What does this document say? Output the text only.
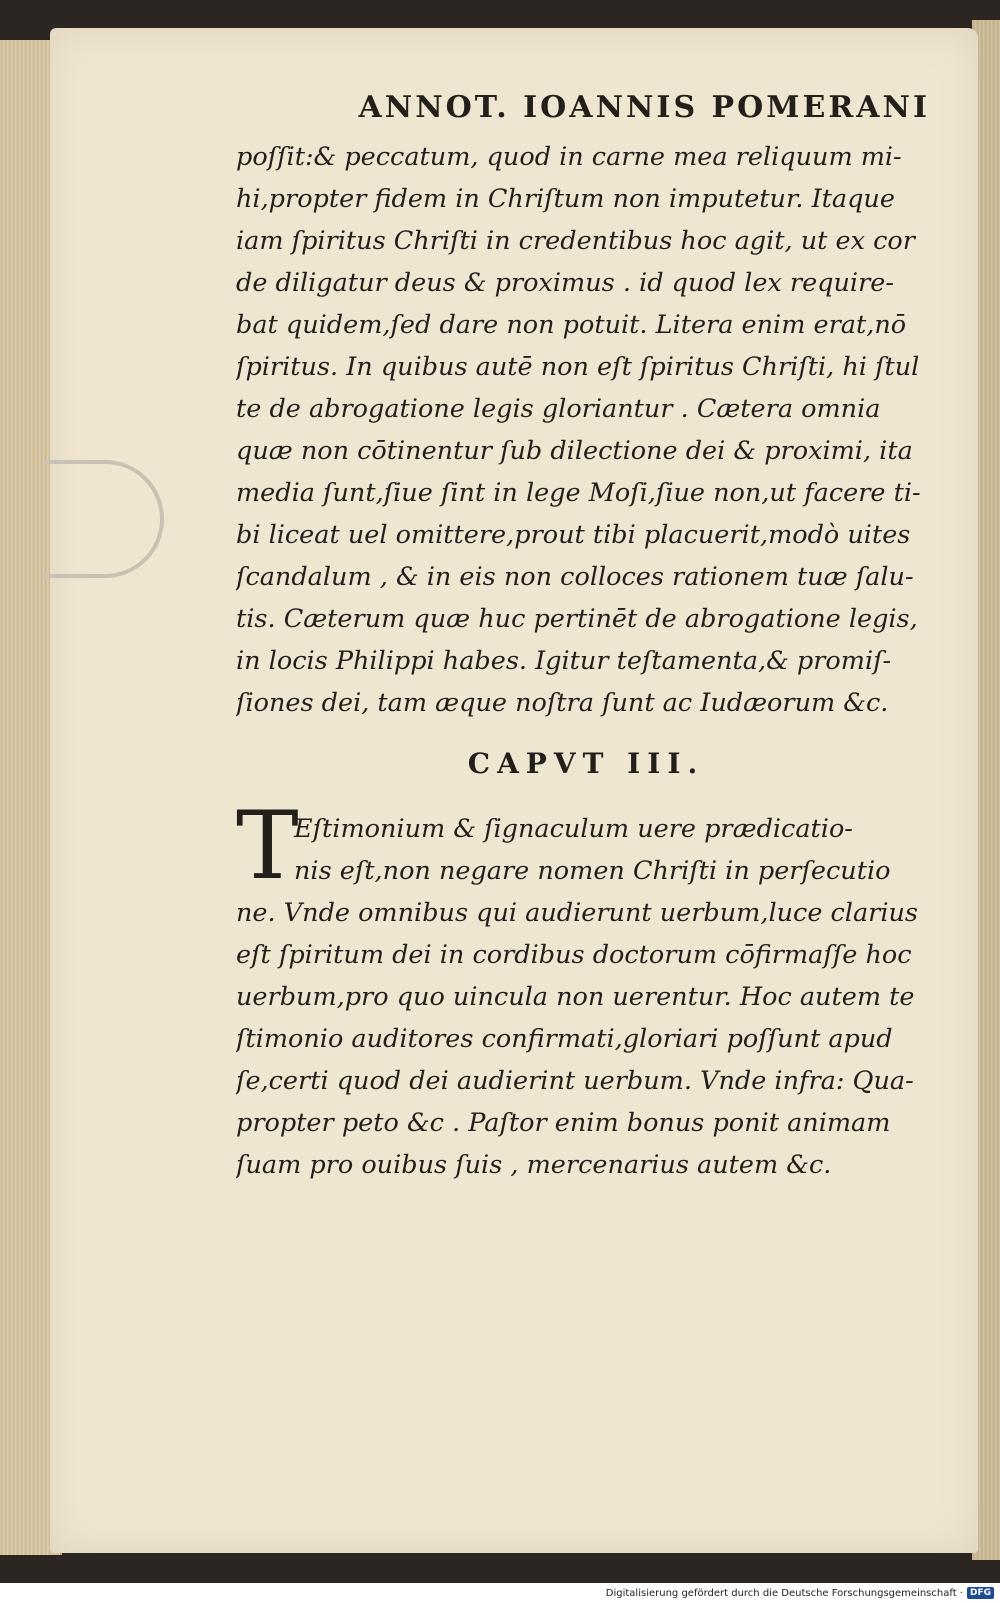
ANNOT. IOANNIS POMERANI
poſſit:& peccatum, quod in carne mea reliquum mi-
hi,propter fidem in Chriſtum non imputetur. Itaque
iam ſpiritus Chriſti in credentibus hoc agit, ut ex cor
de diligatur deus & proximus . id quod lex require-
bat quidem,ſed dare non potuit. Litera enim erat,nō
ſpiritus. In quibus autē non eſt ſpiritus Chriſti, hi ſtul
te de abrogatione legis gloriantur . Cætera omnia
quæ non cōtinentur ſub dilectione dei & proximi, ita
media ſunt,ſiue ſint in lege Moſi,ſiue non,ut facere ti-
bi liceat uel omittere,prout tibi placuerit,modò uites
ſcandalum , & in eis non colloces rationem tuæ ſalu-
tis. Cæterum quæ huc pertinēt de abrogatione legis,
in locis Philippi habes. Igitur teſtamenta,& promiſ-
ſiones dei, tam æque noſtra ſunt ac Iudæorum &c.
CAPVT III.
T
Eſtimonium & ſignaculum uere prædicatio-
nis eſt,non negare nomen Chriſti in perſecutio
ne. Vnde omnibus qui audierunt uerbum,luce clarius
eſt ſpiritum dei in cordibus doctorum cōfirmaſſe hoc
uerbum,pro quo uincula non uerentur. Hoc autem te
ſtimonio auditores confirmati,gloriari poſſunt apud
ſe,certi quod dei audierint uerbum. Vnde infra: Qua-
propter peto &c . Paſtor enim bonus ponit animam
ſuam pro ouibus ſuis , mercenarius autem &c.
Digitalisierung gefördert durch die Deutsche Forschungsgemeinschaft · DFG
